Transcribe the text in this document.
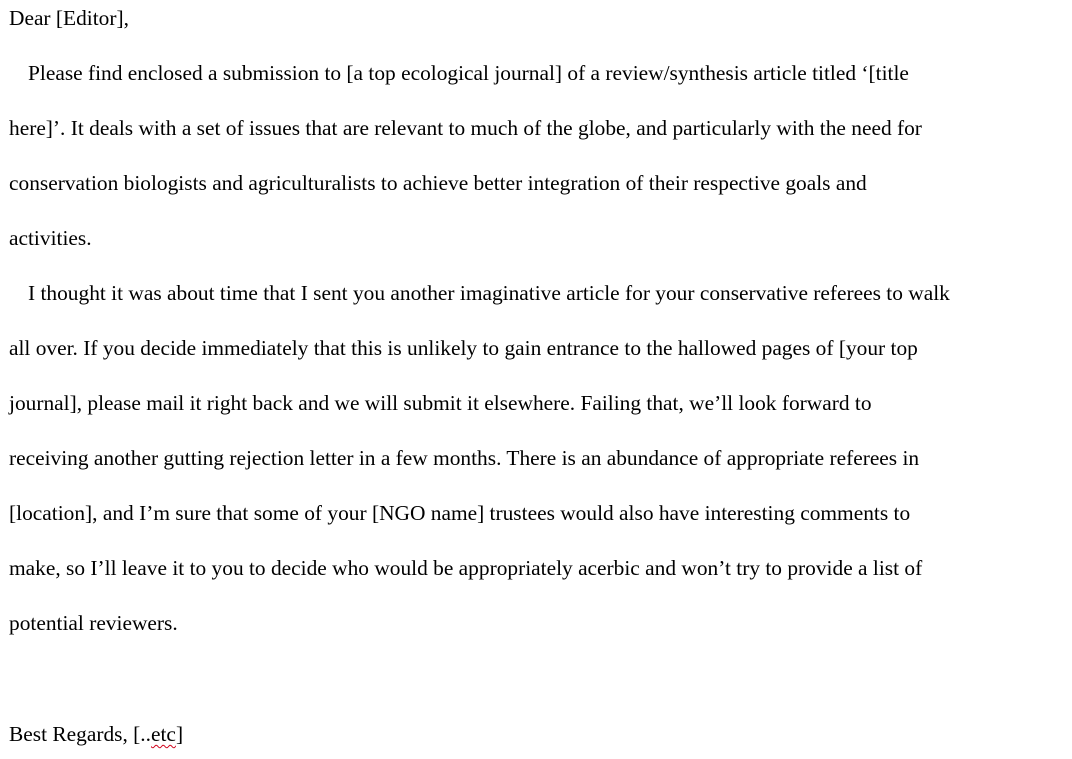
Dear [Editor],
Please find enclosed a submission to [a top ecological journal] of a review/synthesis article titled ‘[title
here]’. It deals with a set of issues that are relevant to much of the globe, and particularly with the need for
conservation biologists and agriculturalists to achieve better integration of their respective goals and
activities.
I thought it was about time that I sent you another imaginative article for your conservative referees to walk
all over. If you decide immediately that this is unlikely to gain entrance to the hallowed pages of [your top
journal], please mail it right back and we will submit it elsewhere. Failing that, we’ll look forward to
receiving another gutting rejection letter in a few months. There is an abundance of appropriate referees in
[location], and I’m sure that some of your [NGO name] trustees would also have interesting comments to
make, so I’ll leave it to you to decide who would be appropriately acerbic and won’t try to provide a list of
potential reviewers.
Best Regards, [..etc]
